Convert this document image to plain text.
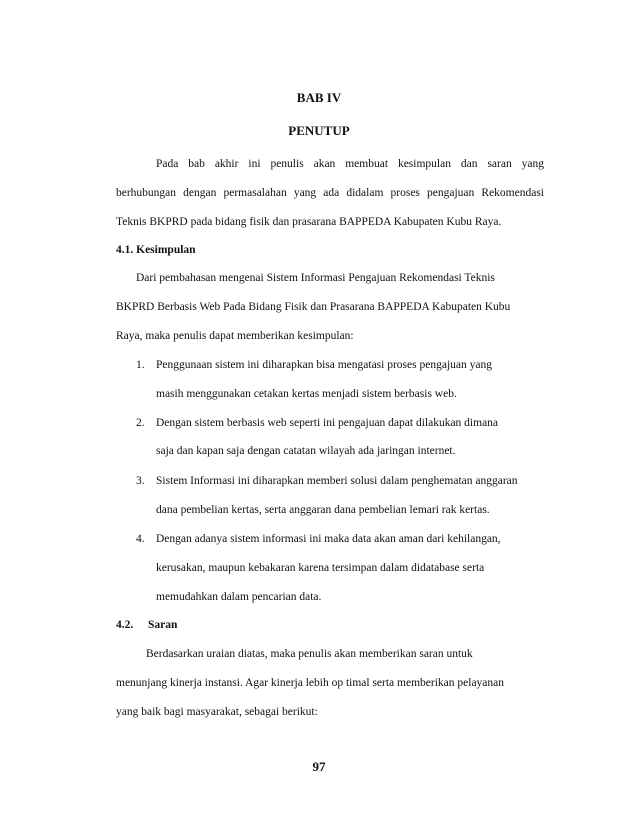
BAB IV
PENUTUP
Pada bab akhir ini penulis akan membuat kesimpulan dan saran yang
berhubungan dengan permasalahan yang ada didalam proses pengajuan Rekomendasi
Teknis BKPRD pada bidang fisik dan prasarana BAPPEDA Kabupaten Kubu Raya.
4.1. Kesimpulan
Dari pembahasan mengenai Sistem Informasi Pengajuan Rekomendasi Teknis
BKPRD Berbasis Web Pada Bidang Fisik dan Prasarana BAPPEDA Kabupaten Kubu
Raya, maka penulis dapat memberikan kesimpulan:
1. Penggunaan sistem ini diharapkan bisa mengatasi proses pengajuan yang
masih menggunakan cetakan kertas menjadi sistem berbasis web.
2. Dengan sistem berbasis web seperti ini pengajuan dapat dilakukan dimana
saja dan kapan saja dengan catatan wilayah ada jaringan internet.
3. Sistem Informasi ini diharapkan memberi solusi dalam penghematan anggaran
dana pembelian kertas, serta anggaran dana pembelian lemari rak kertas.
4. Dengan adanya sistem informasi ini maka data akan aman dari kehilangan,
kerusakan, maupun kebakaran karena tersimpan dalam didatabase serta
memudahkan dalam pencarian data.
4.2. Saran
Berdasarkan uraian diatas, maka penulis akan memberikan saran untuk
menunjang kinerja instansi. Agar kinerja lebih op timal serta memberikan pelayanan
yang baik bagi masyarakat, sebagai berikut:
97
